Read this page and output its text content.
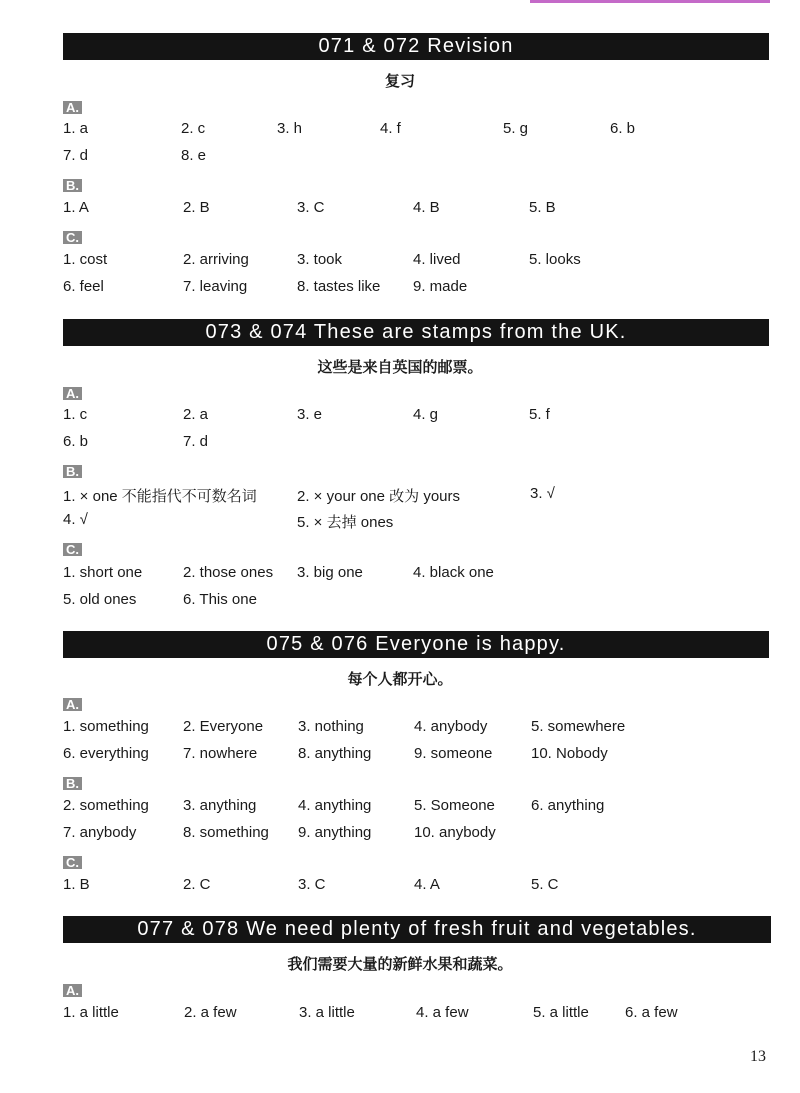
071 & 072 Revision
复习
A.
1. a	2. c	3. h	4. f	5. g	6. b
7. d	8. e
B.
1. A	2. B	3. C	4. B	5. B
C.
1. cost	2. arriving	3. took	4. lived	5. looks
6. feel	7. leaving	8. tastes like 9. made
073 & 074 These are stamps from the UK.
这些是来自英国的邮票。
A.
1. c	2. a	3. e	4. g	5. f
6. b	7. d
B.
1. × one 不能指代不可数名词	2. × your one 改为 yours	3. √
4. √	5. × 去掉 ones
C.
1. short one	2. those ones 3. big one	4. black one
5. old ones	6. This one
075 & 076 Everyone is happy.
每个人都开心。
A.
1. something 2. Everyone 3. nothing	4. anybody	5. somewhere
6. everything 7. nowhere	8. anything	9. someone	10. Nobody
B.
2. something 3. anything	4. anything	5. Someone 6. anything
7. anybody	8. something 9. anything	10. anybody
C.
1. B	2. C	3. C	4. A	5. C
077 & 078 We need plenty of fresh fruit and vegetables.
我们需要大量的新鲜水果和蔬菜。
A.
1. a little	2. a few	3. a little	4. a few	5. a little 6. a few
13
